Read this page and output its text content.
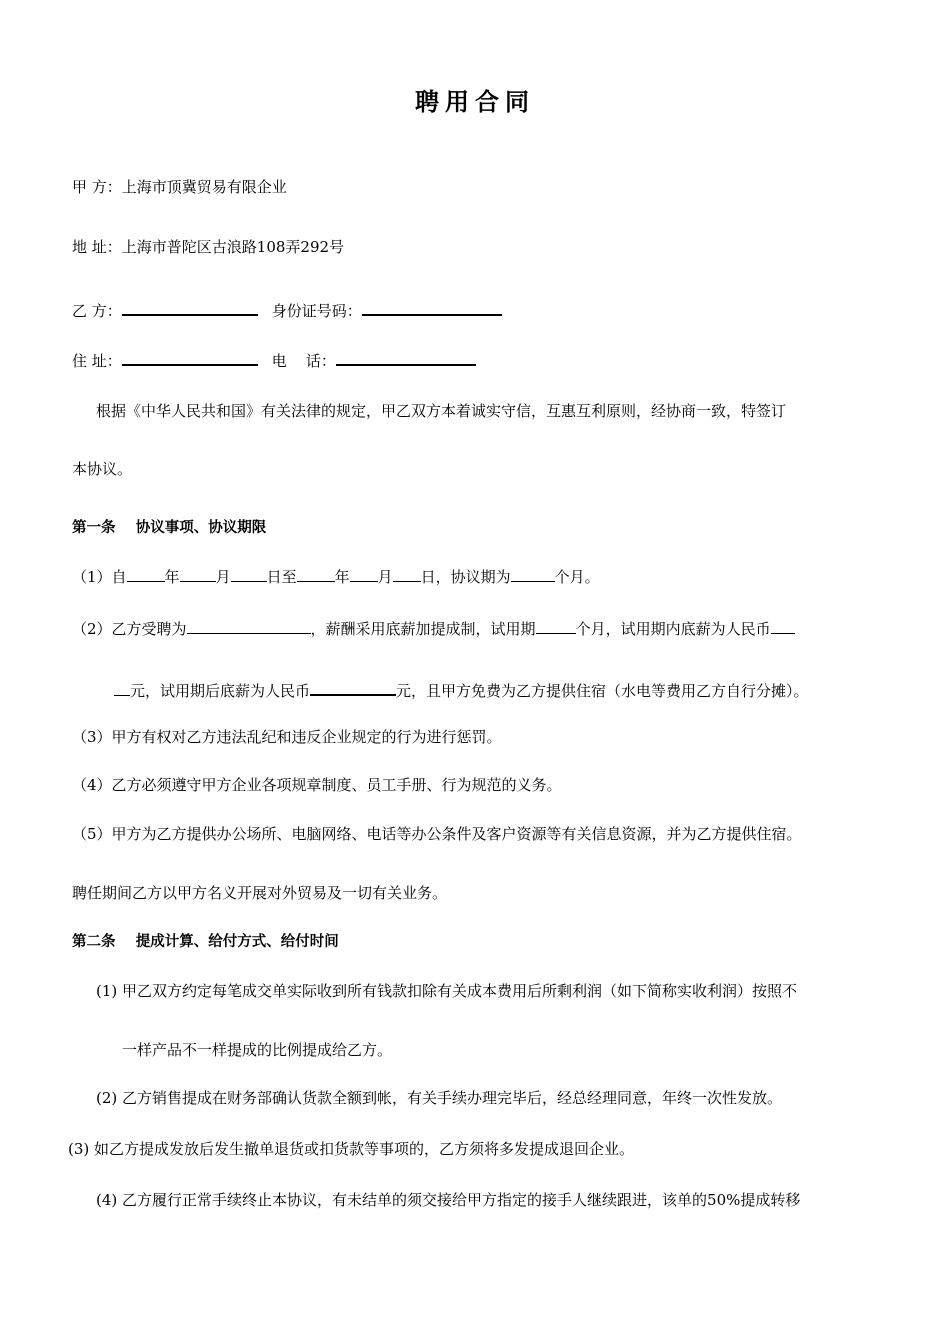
聘用合同
甲 方：上海市顶冀贸易有限企业
地 址：上海市普陀区古浪路108弄292号
乙 方：	身份证号码：
住 址：	电    话：
根据《中华人民共和国》有关法律的规定，甲乙双方本着诚实守信，互惠互利原则，经协商一致，特签订
本协议。
第一条    协议事项、协议期限
（1）自	年 月 日至	年 月 日，协议期为	个月。
（2）乙方受聘为	，薪酬采用底薪加提成制，试用期	个月，试用期内底薪为人民币
元，试用期后底薪为人民币	元，且甲方免费为乙方提供住宿（水电等费用乙方自行分摊）。
（3）甲方有权对乙方违法乱纪和违反企业规定的行为进行惩罚。
（4）乙方必须遵守甲方企业各项规章制度、员工手册、行为规范的义务。
（5）甲方为乙方提供办公场所、电脑网络、电话等办公条件及客户资源等有关信息资源，并为乙方提供住宿。
聘任期间乙方以甲方名义开展对外贸易及一切有关业务。
第二条    提成计算、给付方式、给付时间
(1) 甲乙双方约定每笔成交单实际收到所有钱款扣除有关成本费用后所剩利润（如下简称实收利润）按照不
一样产品不一样提成的比例提成给乙方。
(2) 乙方销售提成在财务部确认货款全额到帐，有关手续办理完毕后，经总经理同意，年终一次性发放。
(3) 如乙方提成发放后发生撤单退货或扣货款等事项的，乙方须将多发提成退回企业。
(4) 乙方履行正常手续终止本协议，有未结单的须交接给甲方指定的接手人继续跟进，该单的50%提成转移
